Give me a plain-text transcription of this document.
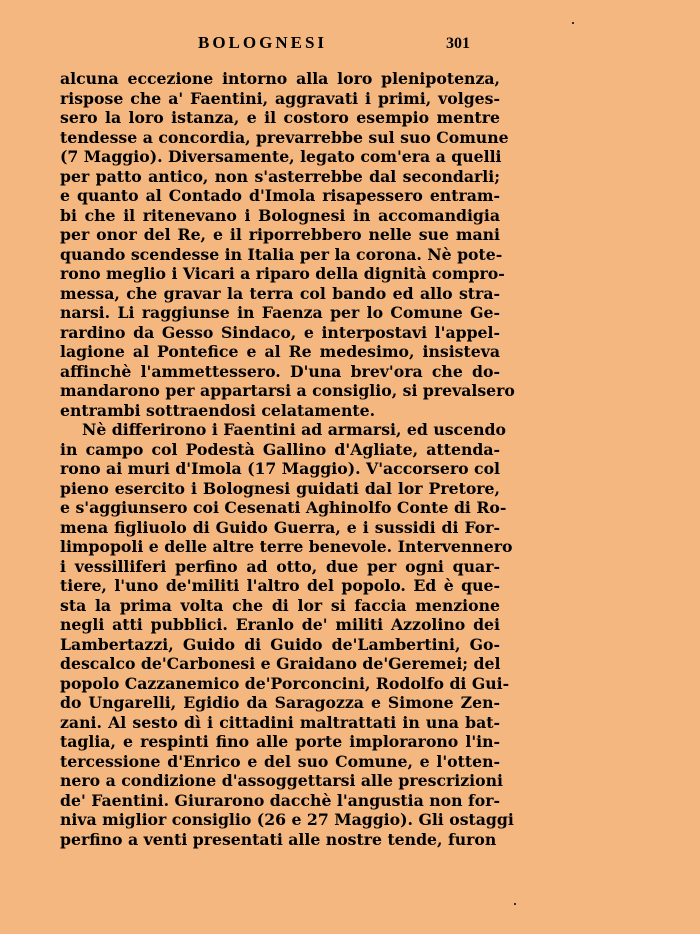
BOLOGNESI	301
alcuna eccezione intorno alla loro plenipotenza,
rispose che a' Faentini, aggravati i primi, volges-
sero la loro istanza, e il costoro esempio mentre
tendesse a concordia, prevarrebbe sul suo Comune
(7 Maggio). Diversamente, legato com'era a quelli
per patto antico, non s'asterrebbe dal secondarli;
e quanto al Contado d'Imola risapessero entram-
bi che il ritenevano i Bolognesi in accomandigia
per onor del Re, e il riporrebbero nelle sue mani
quando scendesse in Italia per la corona. Nè pote-
rono meglio i Vicari a riparo della dignità compro-
messa, che gravar la terra col bando ed allo stra-
narsi. Li raggiunse in Faenza per lo Comune Ge-
rardino da Gesso Sindaco, e interpostavi l'appel-
lagione al Pontefice e al Re medesimo, insisteva
affinchè l'ammettessero. D'una brev'ora che do-
mandarono per appartarsi a consiglio, si prevalsero
entrambi sottraendosi celatamente.
Nè differirono i Faentini ad armarsi, ed uscendo
in campo col Podestà Gallino d'Agliate, attenda-
rono ai muri d'Imola (17 Maggio). V'accorsero col
pieno esercito i Bolognesi guidati dal lor Pretore,
e s'aggiunsero coi Cesenati Aghinolfo Conte di Ro-
mena figliuolo di Guido Guerra, e i sussidi di For-
limpopoli e delle altre terre benevole. Intervennero
i vessilliferi perfino ad otto, due per ogni quar-
tiere, l'uno de'militi l'altro del popolo. Ed è que-
sta la prima volta che di lor si faccia menzione
negli atti pubblici. Eranlo de' militi Azzolino dei
Lambertazzi, Guido di Guido de'Lambertini, Go-
descalco de'Carbonesi e Graidano de'Geremei; del
popolo Cazzanemico de'Porconcini, Rodolfo di Gui-
do Ungarelli, Egidio da Saragozza e Simone Zen-
zani. Al sesto dì i cittadini maltrattati in una bat-
taglia, e respinti fino alle porte implorarono l'in-
tercessione d'Enrico e del suo Comune, e l'otten-
nero a condizione d'assoggettarsi alle prescrizioni
de' Faentini. Giurarono dacchè l'angustia non for-
niva miglior consiglio (26 e 27 Maggio). Gli ostaggi
perfino a venti presentati alle nostre tende, furon
